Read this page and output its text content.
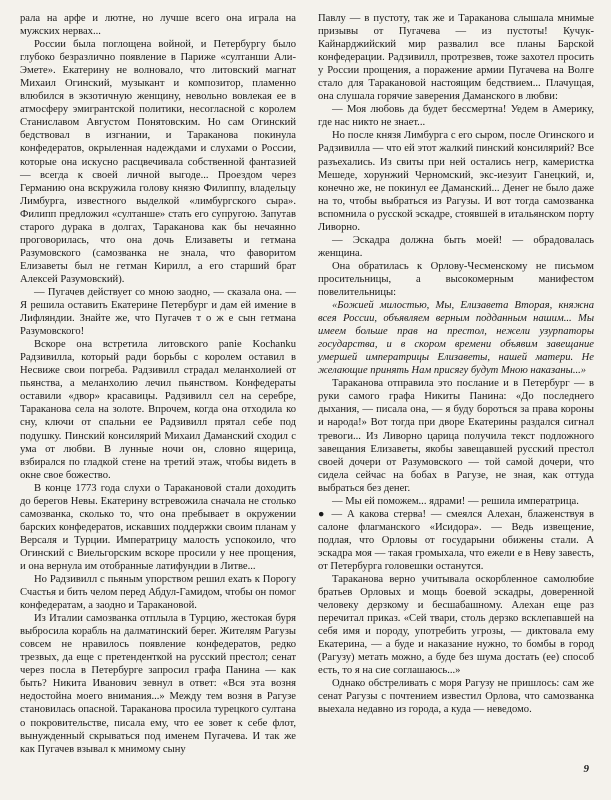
рала на арфе и лютне, но лучше всего она играла на мужских нервах...

России была поглощена войной, и Петербургу было глубоко безразлично появление в Париже «султанши Али-Эмете». Екатерину не волновало, что литовский магнат Михаил Огинский, музыкант и композитор, пламенно влюбился в экзотичную женщину, невольно вовлекая ее в атмосферу эмигрантской политики, несогласной с королем Станиславом Августом Понятовским. Но сам Огинский бедствовал в изгнании, и Тараканова покинула конфедератов, окрыленная надеждами и слухами о России, которые она искусно расцвечивала собственной фантазией — всегда к своей личной выгоде... Проездом через Германию она вскружила голову князю Филиппу, владельцу Лимбурга, известного выделкой «лимбургского сыра». Филипп предложил «султанше» стать его супругою. Запутав старого дурака в долгах, Тараканова как бы нечаянно проговорилась, что она дочь Елизаветы и гетмана Разумовского (самозванка не знала, что фаворитом Елизаветы был не гетман Кирилл, а его старший брат Алексей Разумовский).

— Пугачев действует со мною заодно, — сказала она. — Я решила оставить Екатерине Петербург и дам ей имение в Лифляндии. Знайте же, что Пугачев т о ж е сын гетмана Разумовского!

Вскоре она встретила литовского panie Kochanku Радзивилла, который ради борьбы с королем оставил в Несвиже свои погреба. Радзивилл страдал меланхолией от пьянства, а меланхолию лечил пьянством. Конфедераты оставили «двор» красавицы. Радзивилл сел на серебре, Тараканова села на золоте. Впрочем, когда она отходила ко сну, ключи от спальни ее Радзивилл прятал себе под подушку. Пинский консилярий Михаил Даманский сходил с ума от любви. В лунные ночи он, словно ящерица, взбирался по гладкой стене на третий этаж, чтобы видеть в окне свое божество.

В конце 1773 года слухи о Таракановой стали доходить до берегов Невы. Екатерину встревожила сначала не столько самозванка, сколько то, что она пребывает в окружении барских конфедератов, искавших поддержки своим планам у Версаля и Турции. Императрицу малость успокоило, что Огинский с Виельгорским вскоре просили у нее прощения, и она вернула им отобранные латифундии в Литве...

Но Радзивилл с пьяным упорством решил ехать к Порогу Счастья и бить челом перед Абдул-Гамидом, чтобы он помог конфедератам, а заодно и Таракановой.

Из Италии самозванка отплыла в Турцию, жестокая буря выбросила корабль на далматинский берег. Жителям Рагузы совсем не нравилось появление конфедератов, редко трезвых, да еще с претенденткой на русский престол; сенат через посла в Петербурге запросил графа Панина — как быть? Никита Иванович зевнул в ответ: «Вся эта возня недостойна моего внимания...» Между тем возня в Рагузе становилась опасной. Тараканова просила турецкого султана о покровительстве, писала ему, что ее зовет к себе флот, вынужденный скрываться под именем Пугачева. И так же как Пугачев взывал к мнимому сыну

Павлу — в пустоту, так же и Тараканова слышала мнимые призывы от Пугачева — из пустоты! Кучук-Кайнарджийский мир развалил все планы Барской конфедерации. Радзивилл, протрезвев, тоже захотел просить у России прощения, а поражение армии Пугачева на Волге стало для Таракановой настоящим бедствием... Плачущая, она слушала горячие заверения Даманского в любви:

— Моя любовь да будет бессмертна! Уедем в Америку, где нас никто не знает...

Но после князя Лимбурга с его сыром, после Огинского и Радзивилла — что ей этот жалкий пинский консилярий? Все разъехались. Из свиты при ней остались негр, камеристка Мешеде, хорунжий Черномский, экс-иезуит Ганецкий, и, конечно же, не покинул ее Даманский... Денег не было даже на то, чтобы выбраться из Рагузы. И вот тогда самозванка вспомнила о русской эскадре, стоявшей в итальянском порту Ливорно.

— Эскадра должна быть моей! — обрадовалась женщина.

Она обратилась к Орлову-Чесменскому не письмом просительницы, а высокомерным манифестом повелительницы:

«Божией милостью, Мы, Елизавета Вторая, княжна всея России, объявляем верным подданным нашим... Мы имеем больше прав на престол, нежели узурпаторы государства, и в скором времени объявим завещание умершей императрицы Елизаветы, нашей матери. Не желающие принять Нам присягу будут Мною наказаны...»

Тараканова отправила это послание и в Петербург — в руки самого графа Никиты Панина: «До последнего дыхания, — писала она, — я буду бороться за права короны и народа!» Вот тогда при дворе Екатерины раздался сигнал тревоги... Из Ливорно царица получила текст подложного завещания Елизаветы, якобы завещавшей русский престол своей дочери от Разумовского — той самой дочери, что сидела сейчас на бобах в Рагузе, не зная, как оттуда выбраться без денег.

— Мы ей поможем... ядрами! — решила императрица.

● — А какова стерва! — смеялся Алехан, блаженствуя в салоне флагманского «Исидора». — Ведь извещение, подлая, что Орловы от государыни обижены стали. А эскадра моя — такая громыхала, что ежели е в Неву завесть, от Петербурга головешки останутся.

Тараканова верно учитывала оскорбленное самолюбие братьев Орловых и мощь боевой эскадры, доверенной человеку дерзкому и бесшабашному. Алехан еще раз перечитал приказ. «Сей твари, столь дерзко всклепавшей на себя имя и породу, употребить угрозы, — диктовала ему Екатерина, — а буде и наказание нужно, то бомбы в город (Рагузу) метать можно, а буде без шума достать (ее) способ есть, то я на сие соглашаюсь...»

Однако обстреливать с моря Рагузу не пришлось: сам же сенат Рагузы с почтением известил Орлова, что самозванка выехала недавно из города, а куда — неведомо.

9
